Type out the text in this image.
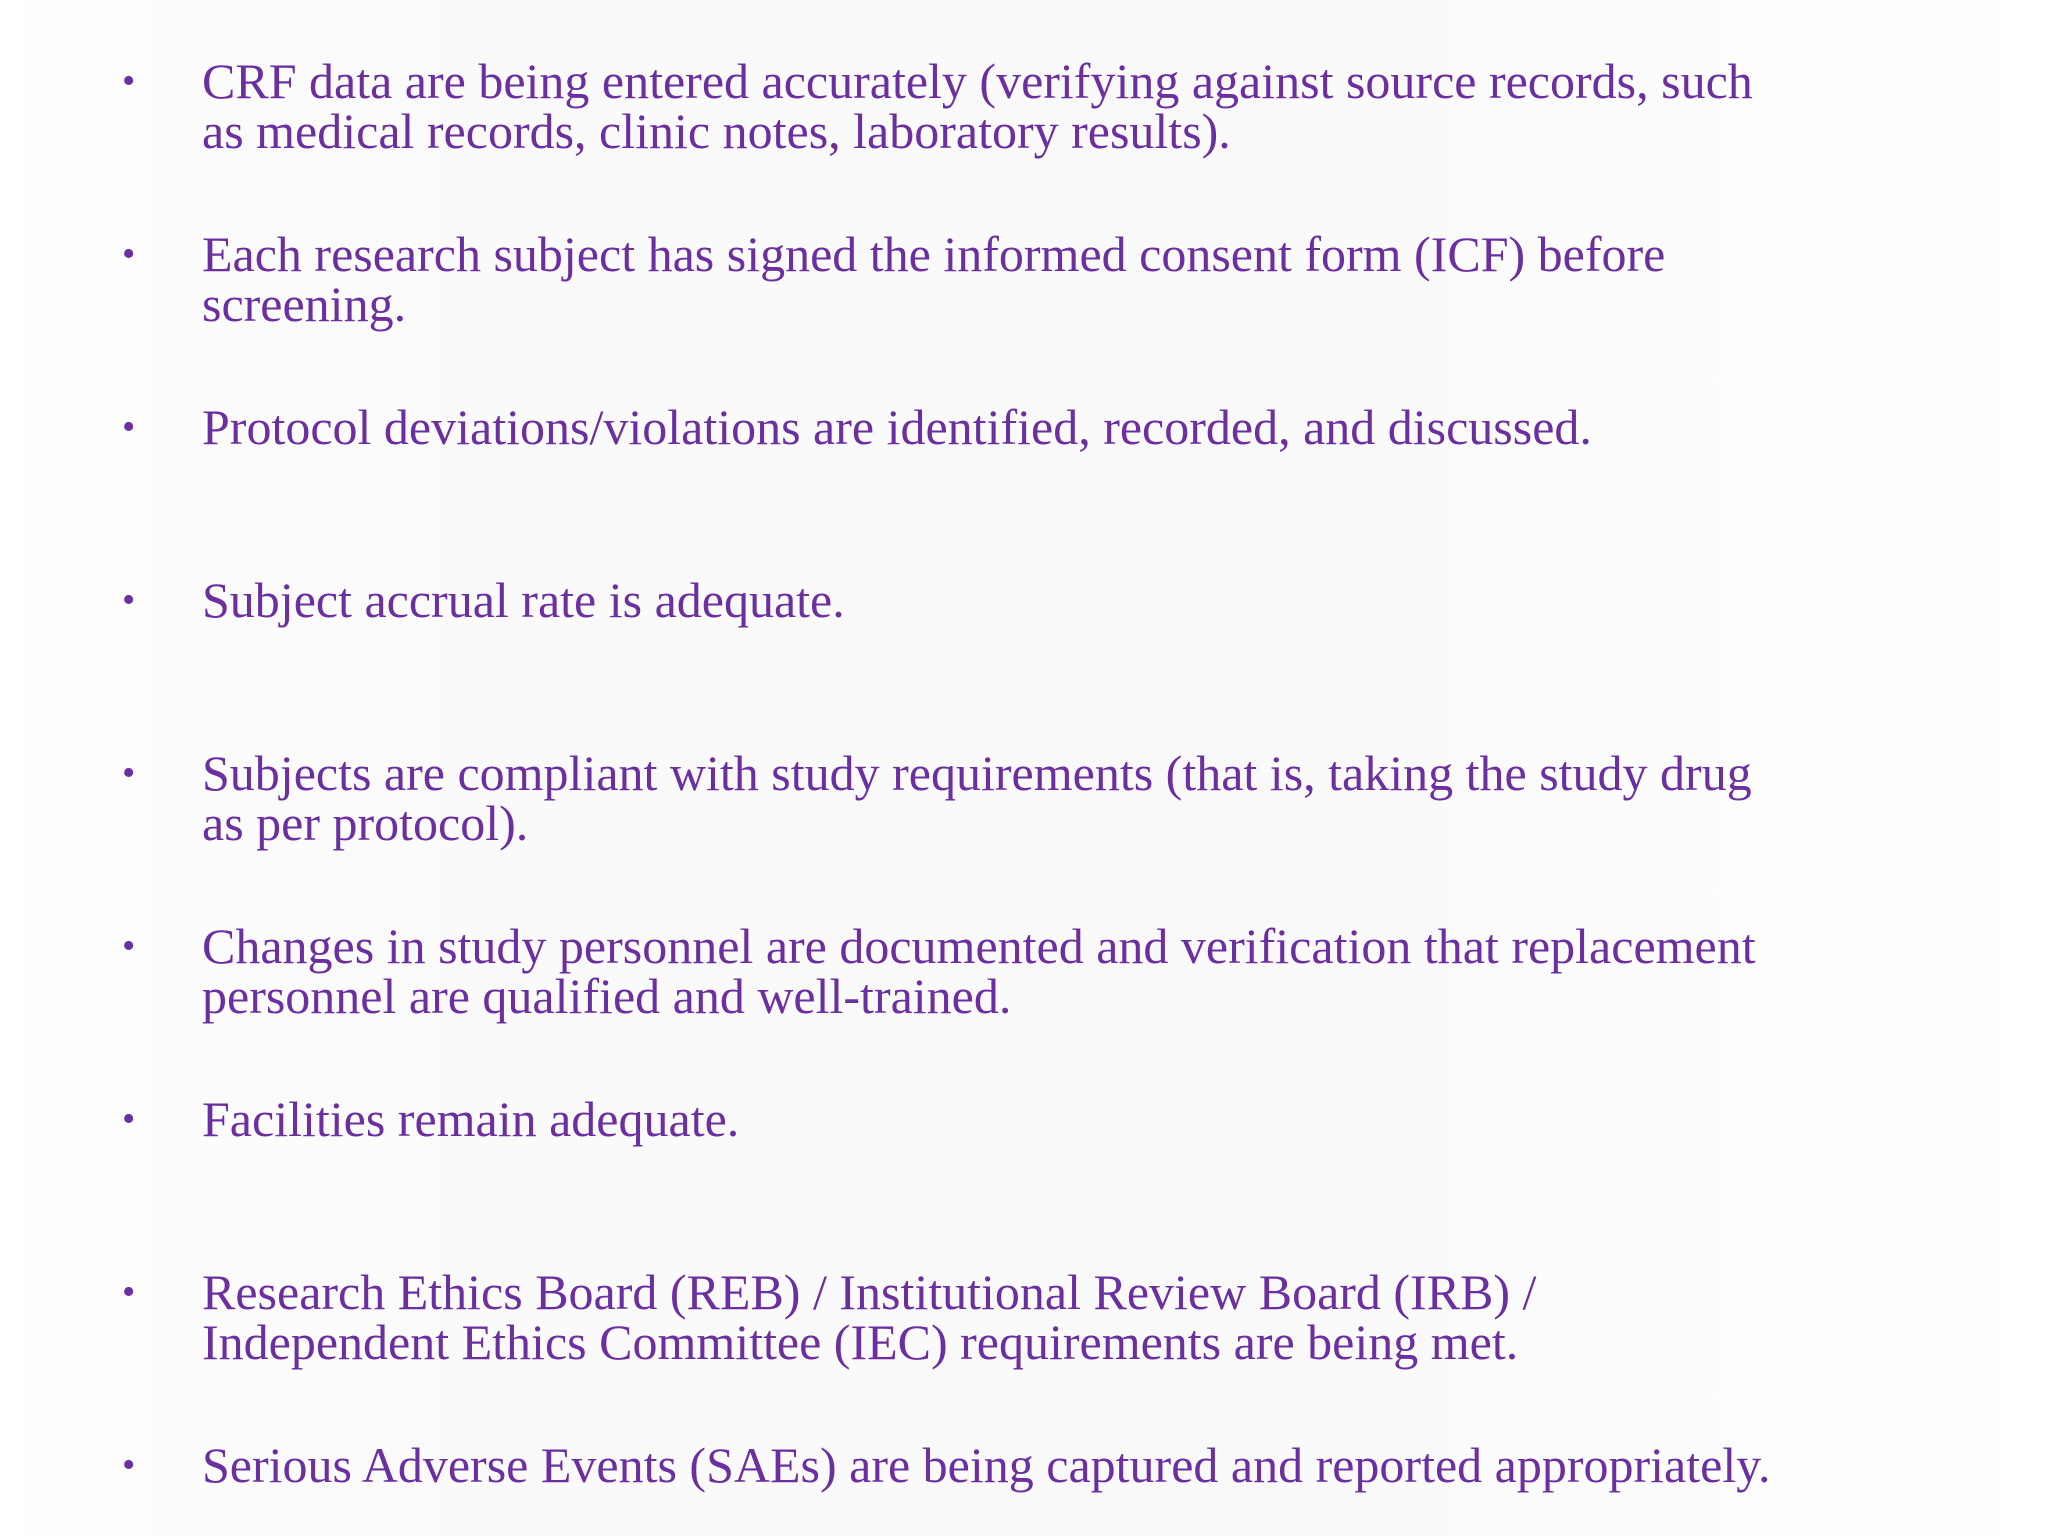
•	CRF data are being entered accurately (verifying against source records, such
as medical records, clinic notes, laboratory results).
•	Each research subject has signed the informed consent form (ICF) before
screening.
•	Protocol deviations/violations are identified, recorded, and discussed.
•	Subject accrual rate is adequate.
•	Subjects are compliant with study requirements (that is, taking the study drug
as per protocol).
•	Changes in study personnel are documented and verification that replacement
personnel are qualified and well-trained.
•	Facilities remain adequate.
•	Research Ethics Board (REB) / Institutional Review Board (IRB) /
Independent Ethics Committee (IEC) requirements are being met.
•	Serious Adverse Events (SAEs) are being captured and reported appropriately.
